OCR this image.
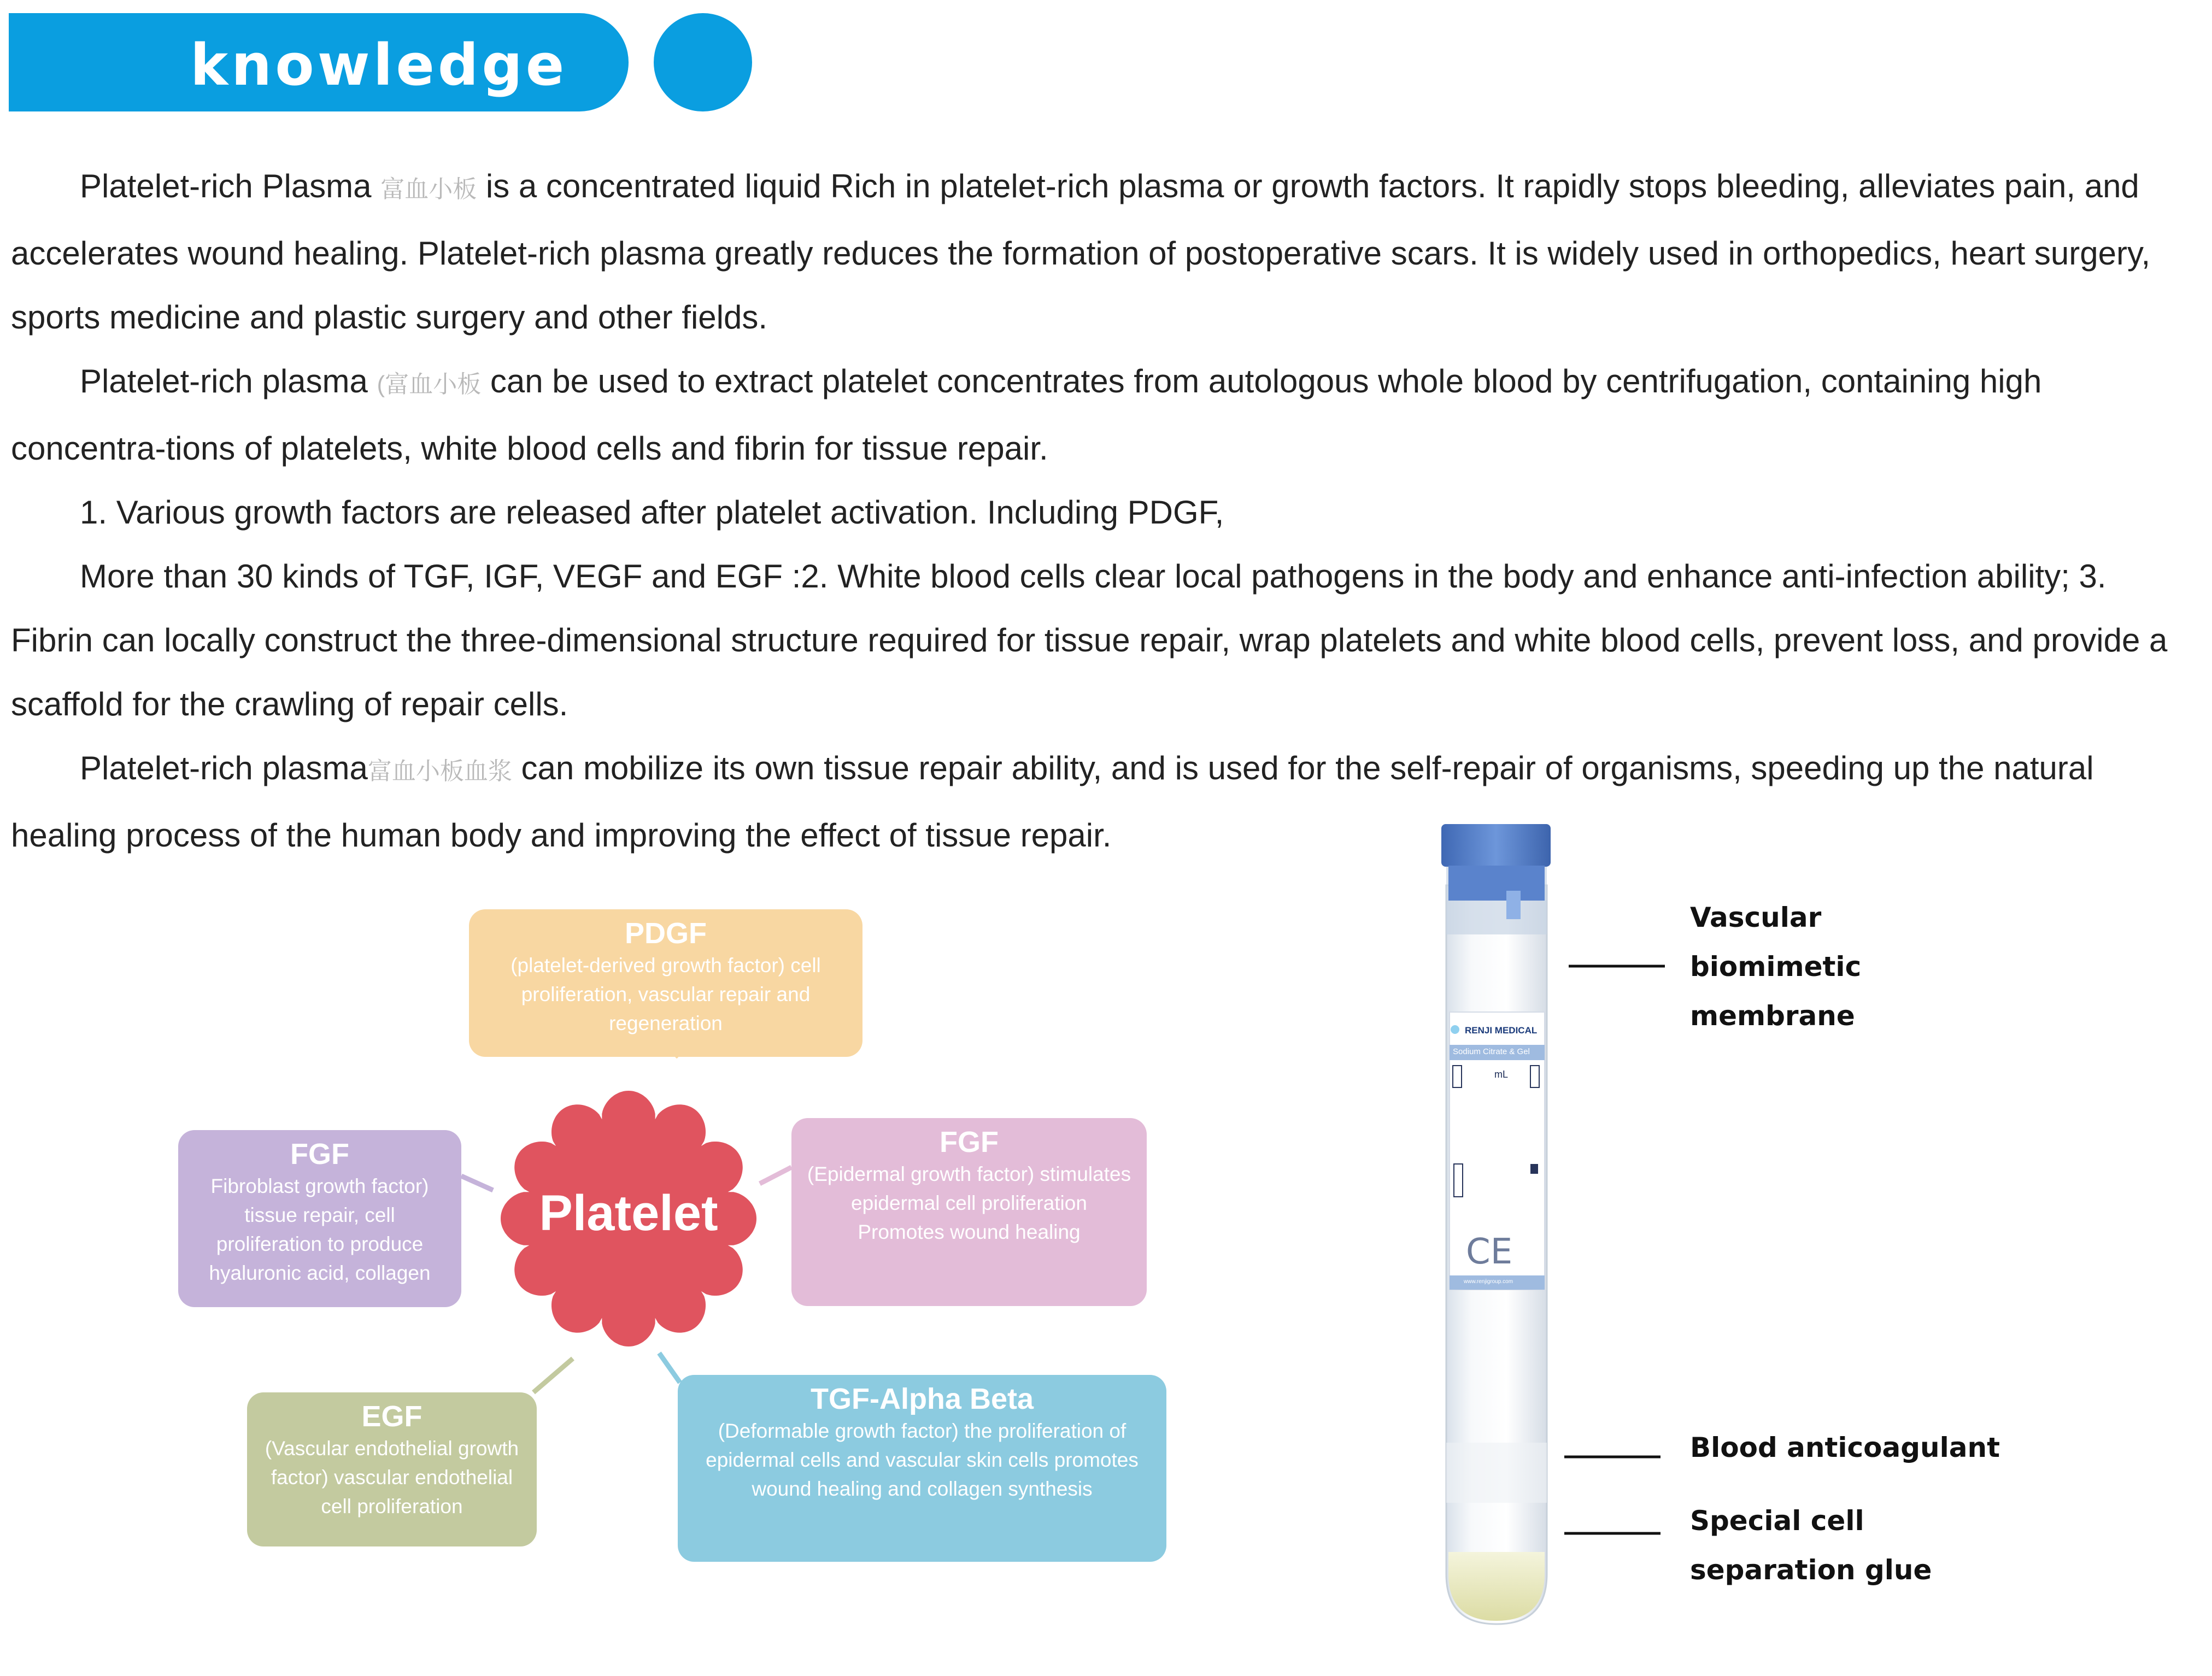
knowledge

Platelet-rich Plasma 富血小板 is a concentrated liquid Rich in platelet-rich plasma or growth factors. It rapidly stops bleeding, alleviates pain, and accelerates wound healing. Platelet-rich plasma greatly reduces the formation of postoperative scars. It is widely used in orthopedics, heart surgery, sports medicine and plastic surgery and other fields.

Platelet-rich plasma (富血小板 can be used to extract platelet concentrates from autologous whole blood by centrifugation, containing high concentra-tions of platelets, white blood cells and fibrin for tissue repair.

1. Various growth factors are released after platelet activation. Including PDGF,

More than 30 kinds of TGF, IGF, VEGF and EGF :2. White blood cells clear local pathogens in the body and enhance anti-infection ability; 3. Fibrin can locally construct the three-dimensional structure required for tissue repair, wrap platelets and white blood cells, prevent loss, and provide a scaffold for the crawling of repair cells.

Platelet-rich plasma富血小板血浆 can mobilize its own tissue repair ability, and is used for the self-repair of organisms, speeding up the natural healing process of the human body and improving the effect of tissue repair.

Platelet
PDGF
(platelet-derived growth factor) cell proliferation, vascular repair and regeneration
FGF
Fibroblast growth factor) tissue repair, cell proliferation to produce hyaluronic acid, collagen
FGF
(Epidermal growth factor) stimulates epidermal cell proliferation
Promotes wound healing
EGF
(Vascular endothelial growth factor) vascular endothelial cell proliferation
TGF-Alpha Beta
(Deformable growth factor) the proliferation of epidermal cells and vascular skin cells promotes wound healing and collagen synthesis
RENJI MEDICAL
Sodium Citrate & Gel
mL
CE
www.renjigroup.com
Vascular
biomimetic
membrane
Blood anticoagulant
Special cell
separation glue
